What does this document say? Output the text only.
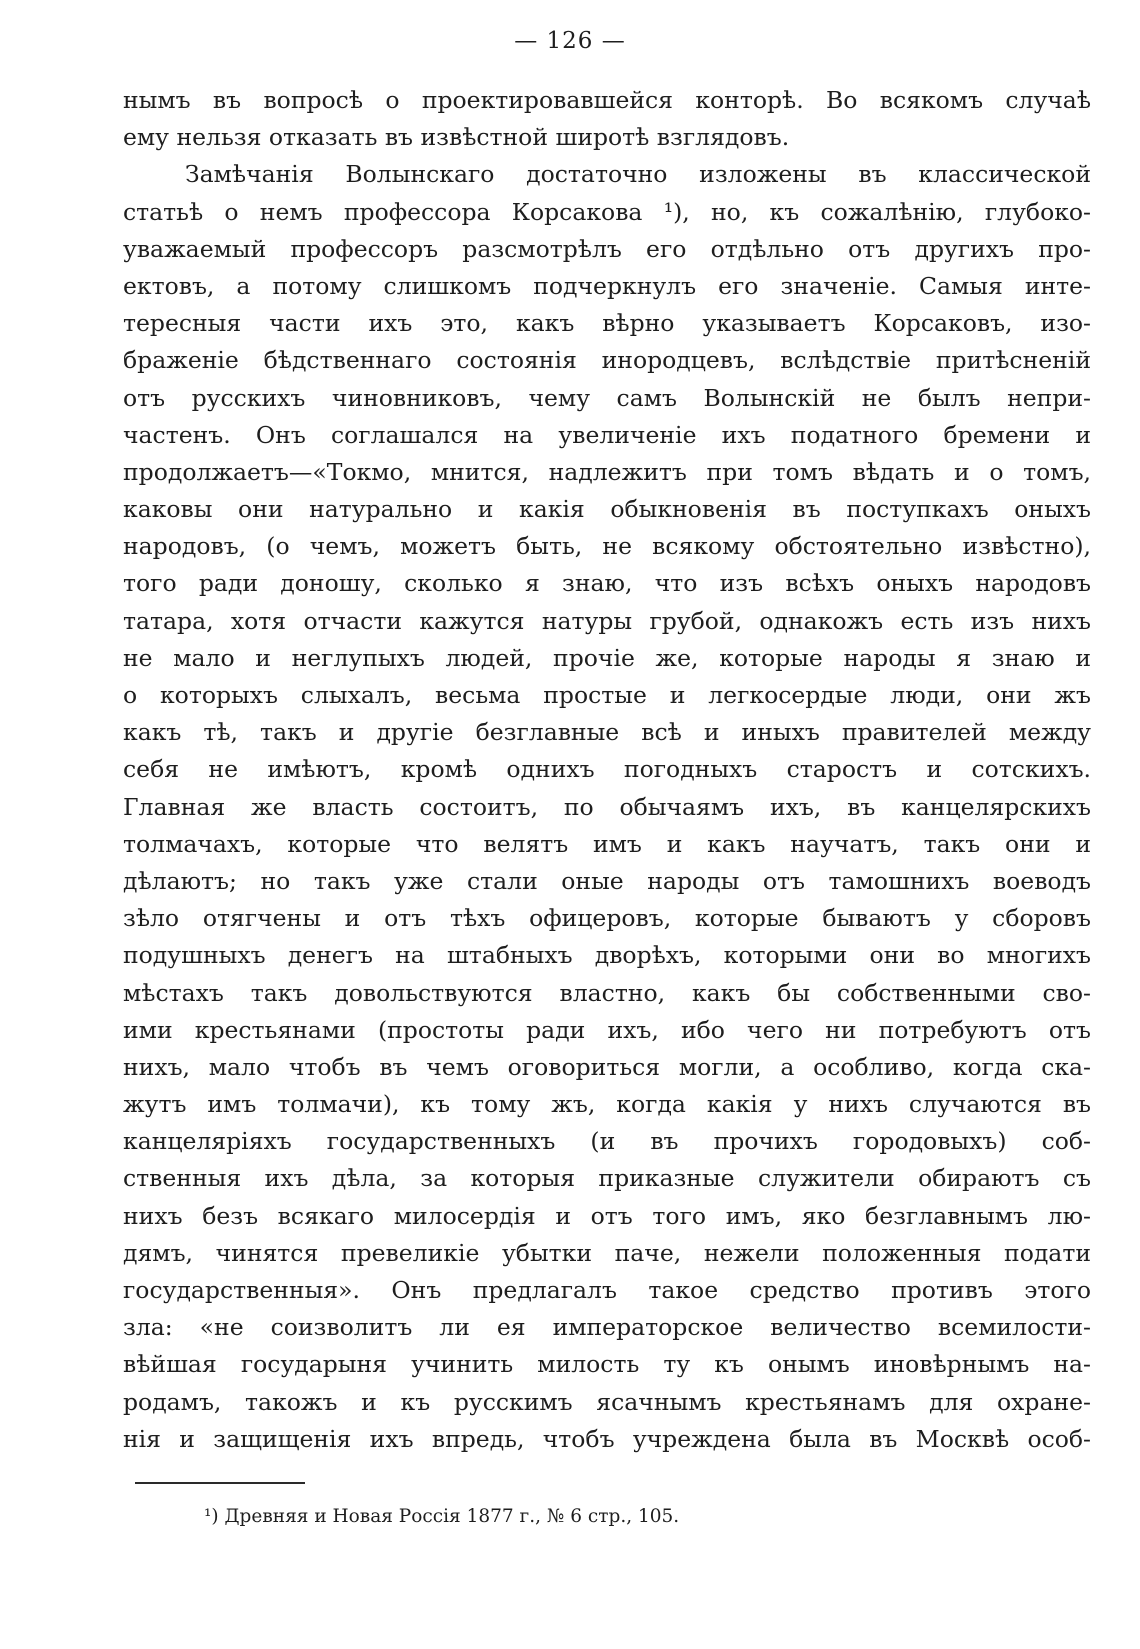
— 126 —
нымъ въ вопросѣ о проектировавшейся конторѣ. Во всякомъ случаѣ
ему нельзя отказать въ извѣстной широтѣ взглядовъ.
Замѣчанія Волынскаго достаточно изложены въ классической
статьѣ о немъ профессора Корсакова ¹), но, къ сожалѣнію, глубоко-
уважаемый профессоръ разсмотрѣлъ его отдѣльно отъ другихъ про-
ектовъ, а потому слишкомъ подчеркнулъ его значеніе. Самыя инте-
тересныя части ихъ это, какъ вѣрно указываетъ Корсаковъ, изо-
браженіе бѣдственнаго состоянія инородцевъ, вслѣдствіе притѣсненій
отъ русскихъ чиновниковъ, чему самъ Волынскій не былъ непри-
частенъ. Онъ соглашался на увеличеніе ихъ податного бремени и
продолжаетъ—«Токмо, мнится, надлежитъ при томъ вѣдать и о томъ,
каковы они натурально и какія обыкновенія въ поступкахъ оныхъ
народовъ, (о чемъ, можетъ быть, не всякому обстоятельно извѣстно),
того ради доношу, сколько я знаю, что изъ всѣхъ оныхъ народовъ
татара, хотя отчасти кажутся натуры грубой, однакожъ есть изъ нихъ
не мало и неглупыхъ людей, прочіе же, которые народы я знаю и
о которыхъ слыхалъ, весьма простые и легкосердые люди, они жъ
какъ тѣ, такъ и другіе безглавные всѣ и иныхъ правителей между
себя не имѣютъ, кромѣ однихъ погодныхъ старостъ и сотскихъ.
Главная же власть состоитъ, по обычаямъ ихъ, въ канцелярскихъ
толмачахъ, которые что велятъ имъ и какъ научатъ, такъ они и
дѣлаютъ; но такъ уже стали оные народы отъ тамошнихъ воеводъ
зѣло отягчены и отъ тѣхъ офицеровъ, которые бываютъ у сборовъ
подушныхъ денегъ на штабныхъ дворѣхъ, которыми они во многихъ
мѣстахъ такъ довольствуются властно, какъ бы собственными сво-
ими крестьянами (простоты ради ихъ, ибо чего ни потребуютъ отъ
нихъ, мало чтобъ въ чемъ оговориться могли, а особливо, когда ска-
жутъ имъ толмачи), къ тому жъ, когда какія у нихъ случаются въ
канцеляріяхъ государственныхъ (и въ прочихъ городовыхъ) соб-
ственныя ихъ дѣла, за которыя приказные служители обираютъ съ
нихъ безъ всякаго милосердія и отъ того имъ, яко безглавнымъ лю-
дямъ, чинятся превеликіе убытки паче, нежели положенныя подати
государственныя». Онъ предлагалъ такое средство противъ этого
зла: «не соизволитъ ли ея императорское величество всемилости-
вѣйшая государыня учинить милость ту къ онымъ иновѣрнымъ на-
родамъ, такожъ и къ русскимъ ясачнымъ крестьянамъ для охране-
нія и защищенія ихъ впредь, чтобъ учреждена была въ Москвѣ особ-
¹) Древняя и Новая Россія 1877 г., № 6 стр., 105.
